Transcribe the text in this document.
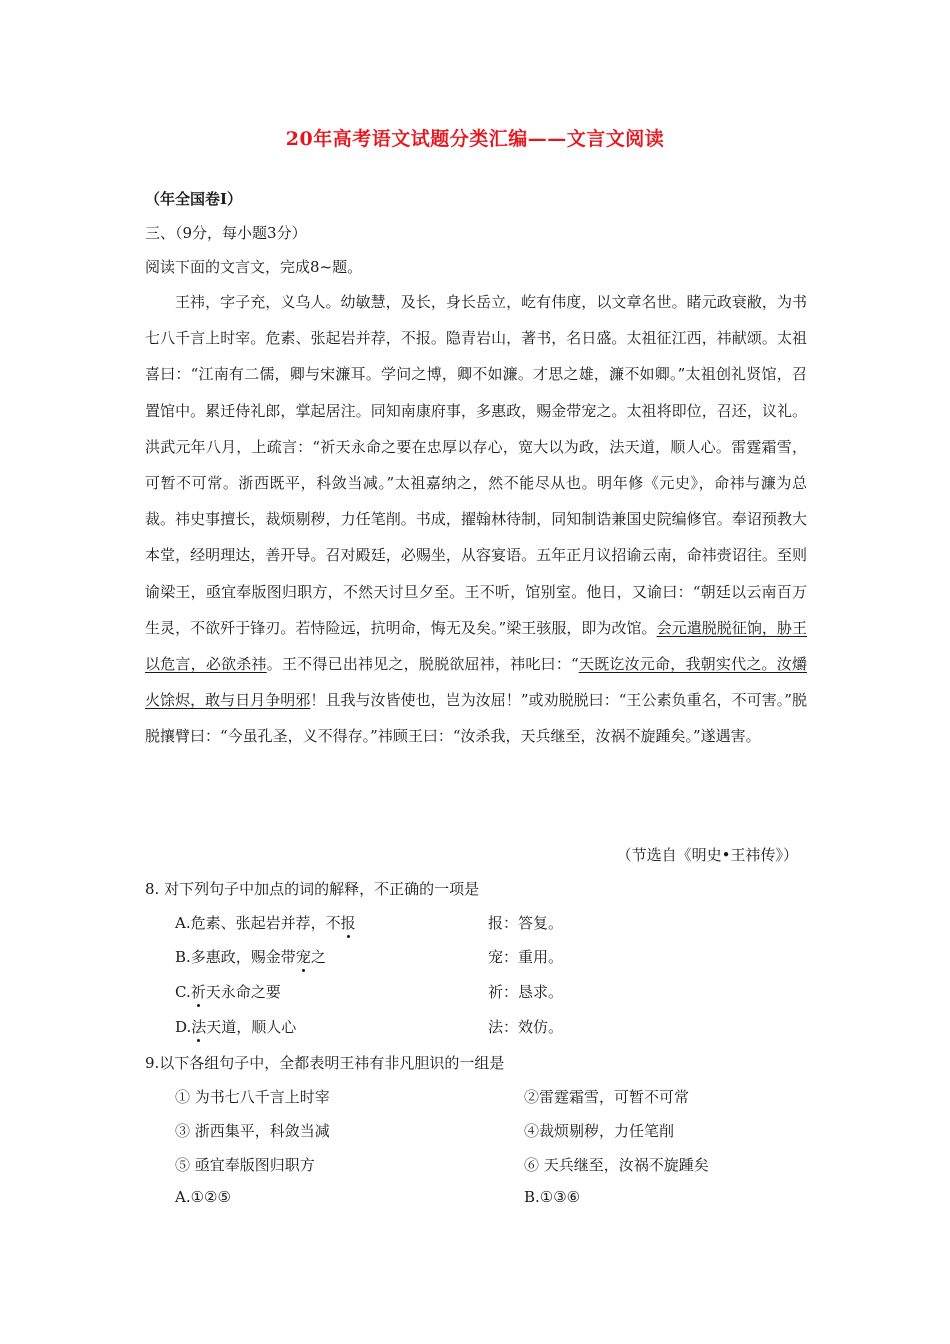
20年高考语文试题分类汇编——文言文阅读
（年全国卷Ⅰ）
三、（9分，每小题3分）
阅读下面的文言文，完成8~题。

王祎，字子充，义乌人。幼敏慧，及长，身长岳立，屹有伟度，以文章名世。睹元政衰敝，为书七八千言上时宰。危素、张起岩并荐，不报。隐青岩山，著书，名日盛。太祖征江西，祎献颂。太祖喜曰：“江南有二儒，卿与宋濂耳。学问之博，卿不如濂。才思之雄，濂不如卿。”太祖创礼贤馆，召置馆中。累迁侍礼郎，掌起居注。同知南康府事，多惠政，赐金带宠之。太祖将即位，召还，议礼。洪武元年八月，上疏言：“祈天永命之要在忠厚以存心，宽大以为政，法天道，顺人心。雷霆霜雪，可暂不可常。浙西既平，科敛当减。”太祖嘉纳之，然不能尽从也。明年修《元史》，命祎与濂为总裁。祎史事擅长，裁烦剔秽，力任笔削。书成，擢翰林待制，同知制诰兼国史院编修官。奉诏预教大本堂，经明理达，善开导。召对殿廷，必赐坐，从容宴语。五年正月议招谕云南，命祎赍诏往。至则谕梁王，亟宜奉版图归职方，不然天讨旦夕至。王不听，馆别室。他日，又谕曰：“朝廷以云南百万生灵，不欲歼于锋刃。若恃险远，抗明命，悔无及矣。”梁王骇服，即为改馆。会元遣脱脱征饷，胁王以危言，必欲杀祎。王不得已出祎见之，脱脱欲屈祎，祎叱曰：“天既讫汝元命，我朝实代之。汝爝火馀烬，敢与日月争明邪！且我与汝皆使也，岂为汝屈！”或劝脱脱曰：“王公素负重名，不可害。”脱脱攘臂曰：“今虽孔圣，义不得存。”祎顾王曰：“汝杀我，天兵继至，汝祸不旋踵矣。”遂遇害。

（节选自《明史•王祎传》）
8. 对下列句子中加点的词的解释，不正确的一项是
A.危素、张起岩并荐，不报	报：答复。
B.多惠政，赐金带宠之	宠：重用。
C.祈天永命之要	祈：恳求。
D.法天道，顺人心	法：效仿。
9.以下各组句子中，全都表明王祎有非凡胆识的一组是
① 为书七八千言上时宰	②雷霆霜雪，可暂不可常
③ 浙西集平，科敛当减	④裁烦剔秽，力任笔削
⑤ 亟宜奉版图归职方	⑥ 天兵继至，汝祸不旋踵矣
A.①②⑤	B.①③⑥
